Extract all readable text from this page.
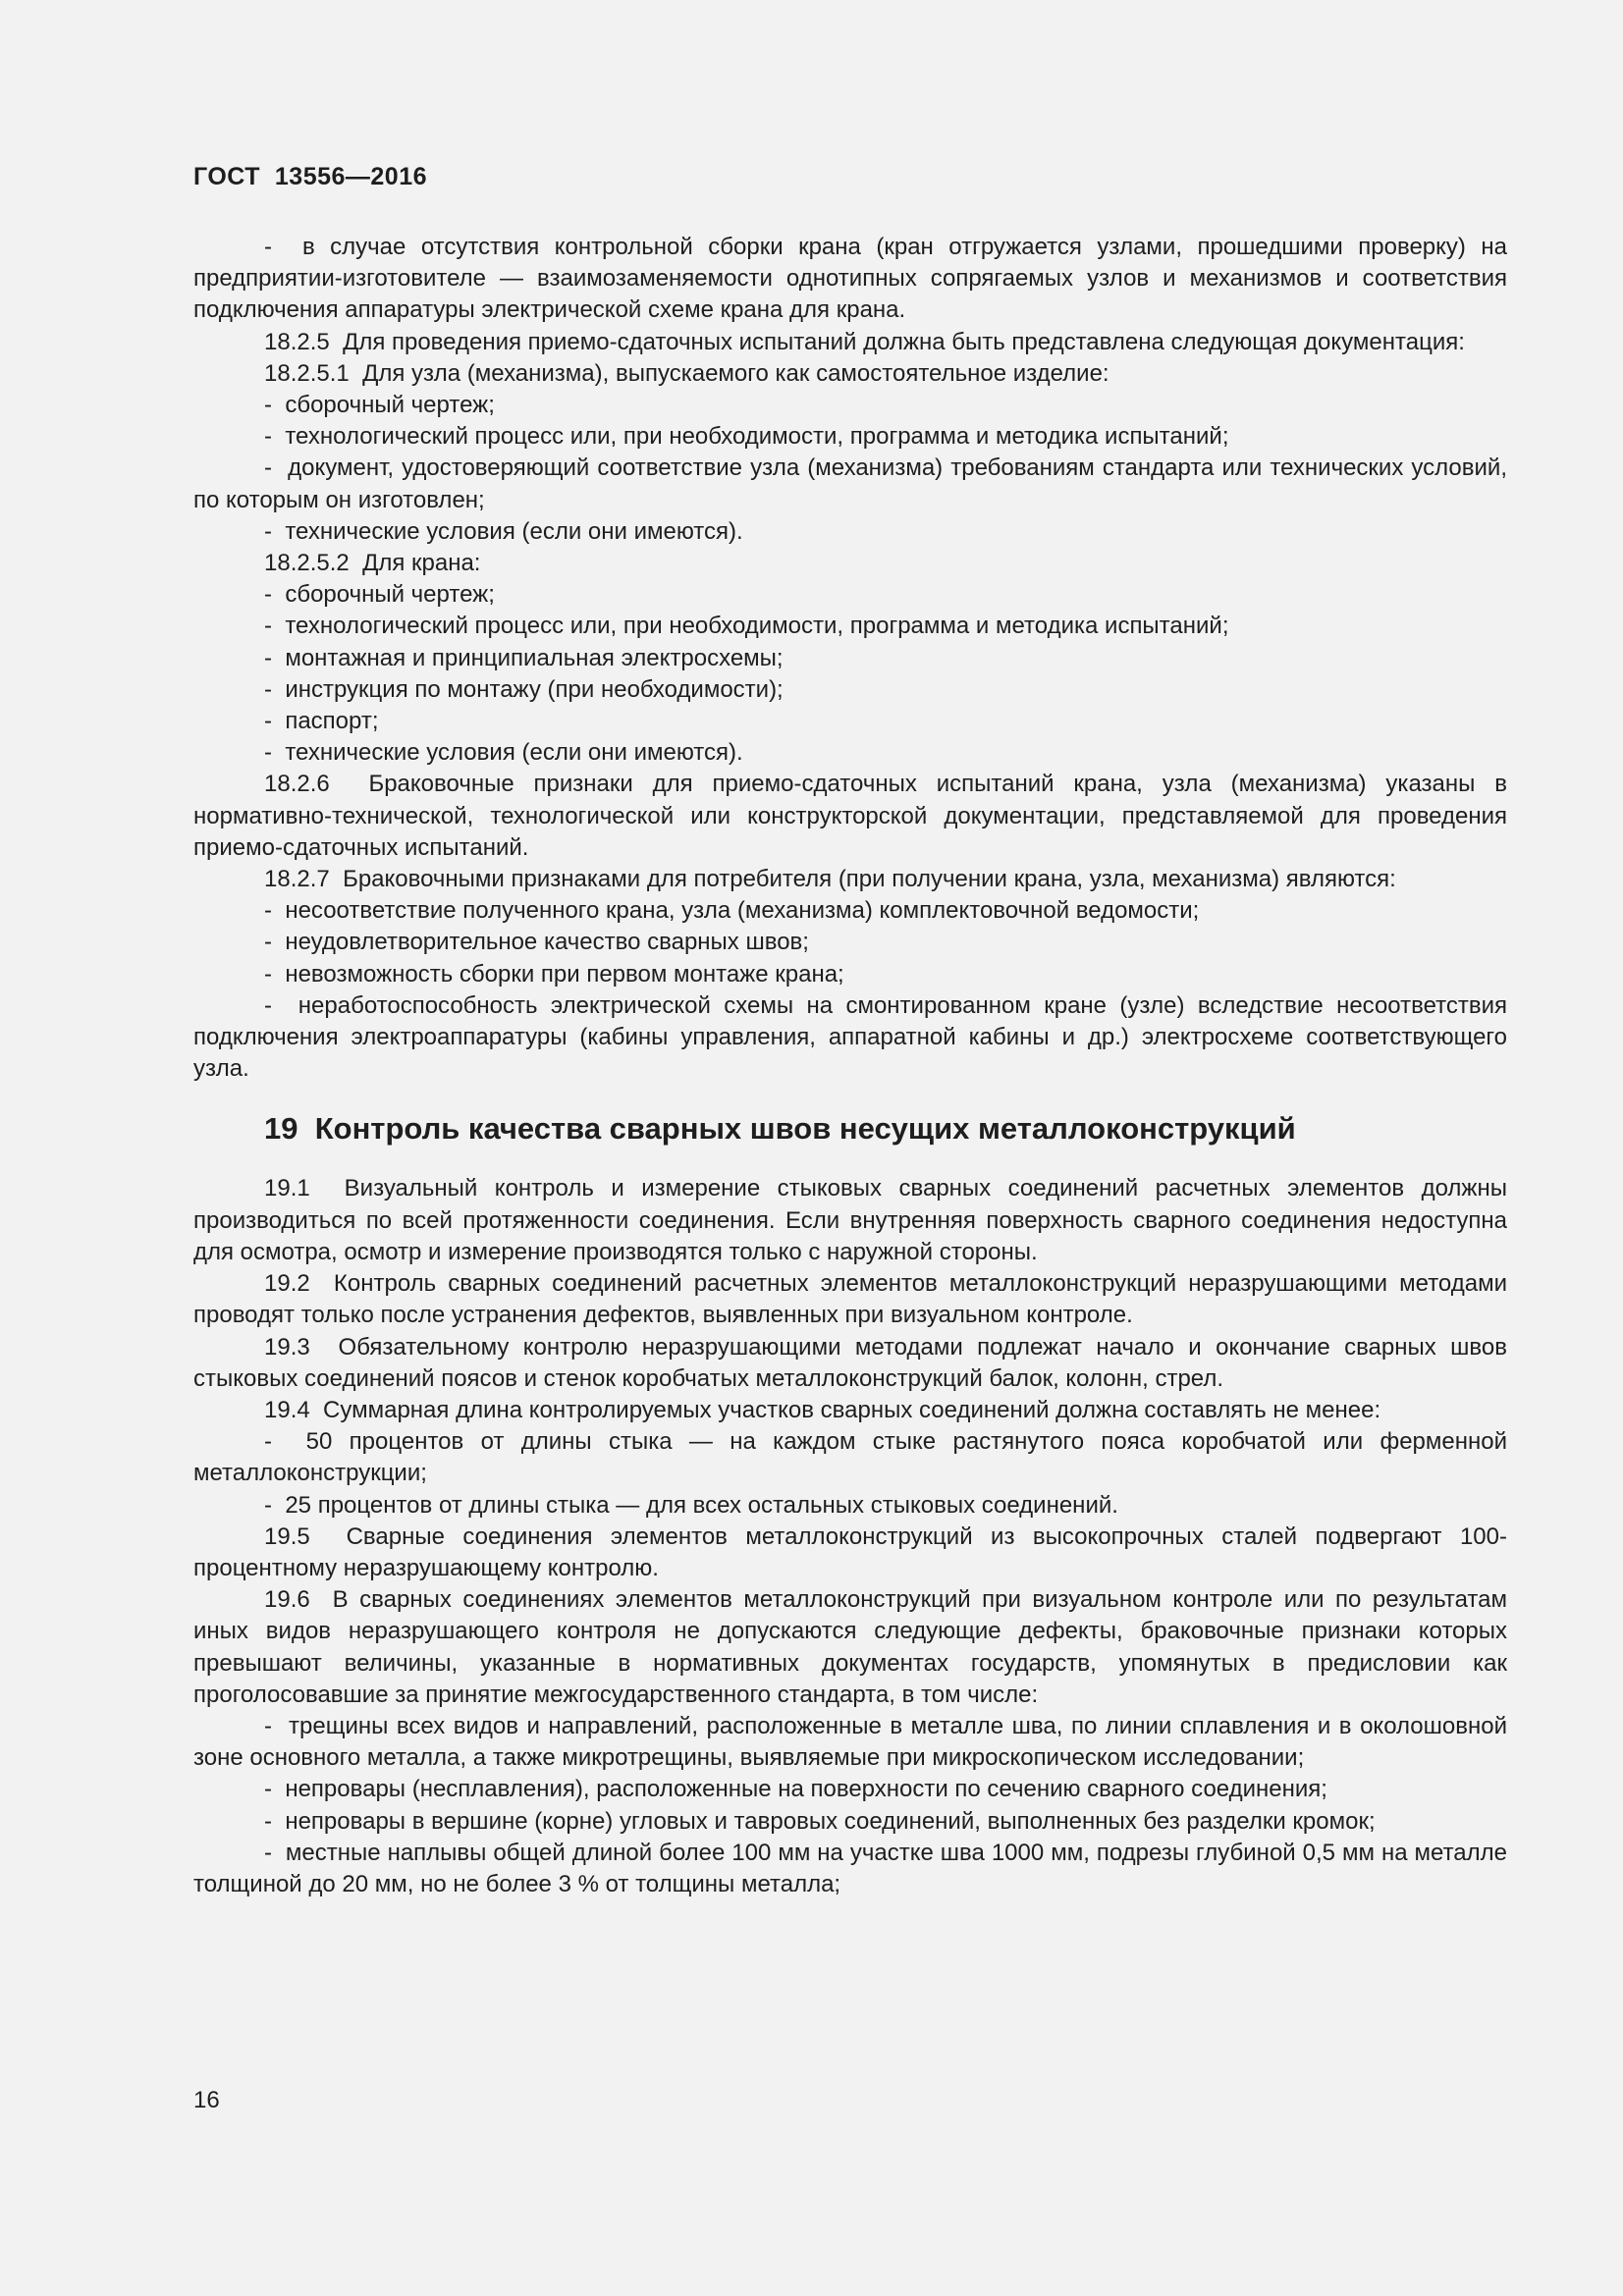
ГОСТ  13556—2016

-  в случае отсутствия контрольной сборки крана (кран отгружается узлами, прошедшими проверку) на предприятии-изготовителе — взаимозаменяемости однотипных сопрягаемых узлов и механизмов и соответствия подключения аппаратуры электрической схеме крана для крана.

18.2.5  Для проведения приемо-сдаточных испытаний должна быть представлена следующая документация:

18.2.5.1  Для узла (механизма), выпускаемого как самостоятельное изделие:

-  сборочный чертеж;

-  технологический процесс или, при необходимости, программа и методика испытаний;

-  документ, удостоверяющий соответствие узла (механизма) требованиям стандарта или технических условий, по которым он изготовлен;

-  технические условия (если они имеются).

18.2.5.2  Для крана:

-  сборочный чертеж;

-  технологический процесс или, при необходимости, программа и методика испытаний;

-  монтажная и принципиальная электросхемы;

-  инструкция по монтажу (при необходимости);

-  паспорт;

-  технические условия (если они имеются).

18.2.6  Браковочные признаки для приемо-сдаточных испытаний крана, узла (механизма) указаны в нормативно-технической, технологической или конструкторской документации, представляемой для проведения приемо-сдаточных испытаний.

18.2.7  Браковочными признаками для потребителя (при получении крана, узла, механизма) являются:

-  несоответствие полученного крана, узла (механизма) комплектовочной ведомости;

-  неудовлетворительное качество сварных швов;

-  невозможность сборки при первом монтаже крана;

-  неработоспособность электрической схемы на смонтированном кране (узле) вследствие несоответствия подключения электроаппаратуры (кабины управления, аппаратной кабины и др.) электросхеме соответствующего узла.

19  Контроль качества сварных швов несущих металлоконструкций

19.1  Визуальный контроль и измерение стыковых сварных соединений расчетных элементов должны производиться по всей протяженности соединения. Если внутренняя поверхность сварного соединения недоступна для осмотра, осмотр и измерение производятся только с наружной стороны.

19.2  Контроль сварных соединений расчетных элементов металлоконструкций неразрушающими методами проводят только после устранения дефектов, выявленных при визуальном контроле.

19.3  Обязательному контролю неразрушающими методами подлежат начало и окончание сварных швов стыковых соединений поясов и стенок коробчатых металлоконструкций балок, колонн, стрел.

19.4  Суммарная длина контролируемых участков сварных соединений должна составлять не менее:

-  50 процентов от длины стыка — на каждом стыке растянутого пояса коробчатой или ферменной металлоконструкции;

-  25 процентов от длины стыка — для всех остальных стыковых соединений.

19.5  Сварные соединения элементов металлоконструкций из высокопрочных сталей подвергают 100-процентному неразрушающему контролю.

19.6  В сварных соединениях элементов металлоконструкций при визуальном контроле или по результатам иных видов неразрушающего контроля не допускаются следующие дефекты, браковочные признаки которых превышают величины, указанные в нормативных документах государств, упомянутых в предисловии как проголосовавшие за принятие межгосударственного стандарта, в том числе:

-  трещины всех видов и направлений, расположенные в металле шва, по линии сплавления и в околошовной зоне основного металла, а также микротрещины, выявляемые при микроскопическом исследовании;

-  непровары (несплавления), расположенные на поверхности по сечению сварного соединения;

-  непровары в вершине (корне) угловых и тавровых соединений, выполненных без разделки кромок;

-  местные наплывы общей длиной более 100 мм на участке шва 1000 мм, подрезы глубиной 0,5 мм на металле толщиной до 20 мм, но не более 3 % от толщины металла;

16
